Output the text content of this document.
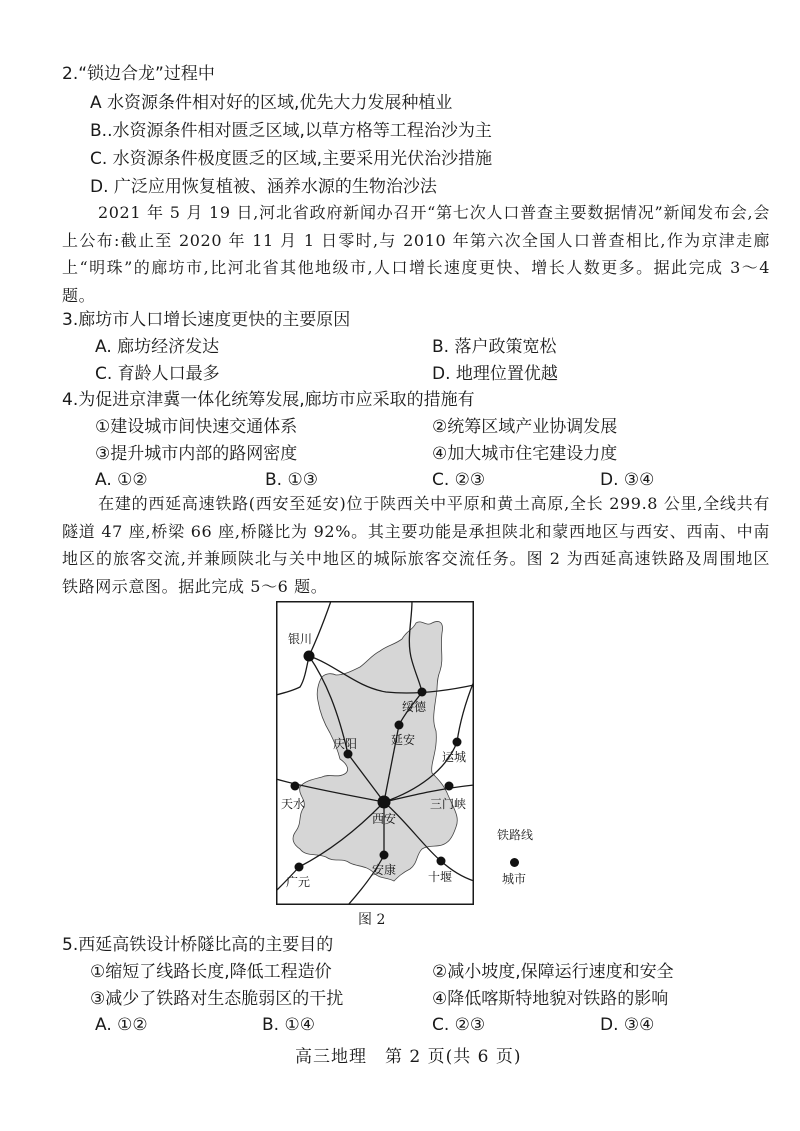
2.“锁边合龙”过程中
A 水资源条件相对好的区域,优先大力发展种植业
B..水资源条件相对匮乏区域,以草方格等工程治沙为主
C. 水资源条件极度匮乏的区域,主要采用光伏治沙措施
D. 广泛应用恢复植被、涵养水源的生物治沙法
2021 年 5 月 19 日,河北省政府新闻办召开“第七次人口普查主要数据情况”新闻发布会,会上公布:截止至 2020 年 11 月 1 日零时,与 2010 年第六次全国人口普查相比,作为京津走廊上“明珠”的廊坊市,比河北省其他地级市,人口增长速度更快、增长人数更多。据此完成 3～4 题。
3.廊坊市人口增长速度更快的主要原因
A. 廊坊经济发达	B. 落户政策宽松
C. 育龄人口最多	D. 地理位置优越
4.为促进京津冀一体化统筹发展,廊坊市应采取的措施有
①建设城市间快速交通体系	②统筹区域产业协调发展
③提升城市内部的路网密度	④加大城市住宅建设力度
A. ①②	B. ①③	C. ②③	D. ③④
在建的西延高速铁路(西安至延安)位于陕西关中平原和黄土高原,全长 299.8 公里,全线共有隧道 47 座,桥梁 66 座,桥隧比为 92%。其主要功能是承担陕北和蒙西地区与西安、西南、中南地区的旅客交流,并兼顾陕北与关中地区的城际旅客交流任务。图 2 为西延高速铁路及周围地区铁路网示意图。据此完成 5～6 题。
银川
绥德
延安
庆阳
运城
天水
西安
三门峡
安康
广元	十堰
铁路线
城市
图 2
5.西延高铁设计桥隧比高的主要目的
①缩短了线路长度,降低工程造价	②减小坡度,保障运行速度和安全
③减少了铁路对生态脆弱区的干扰	④降低喀斯特地貌对铁路的影响
A. ①②	B. ①④	C. ②③	D. ③④
高三地理　第 2 页(共 6 页)
